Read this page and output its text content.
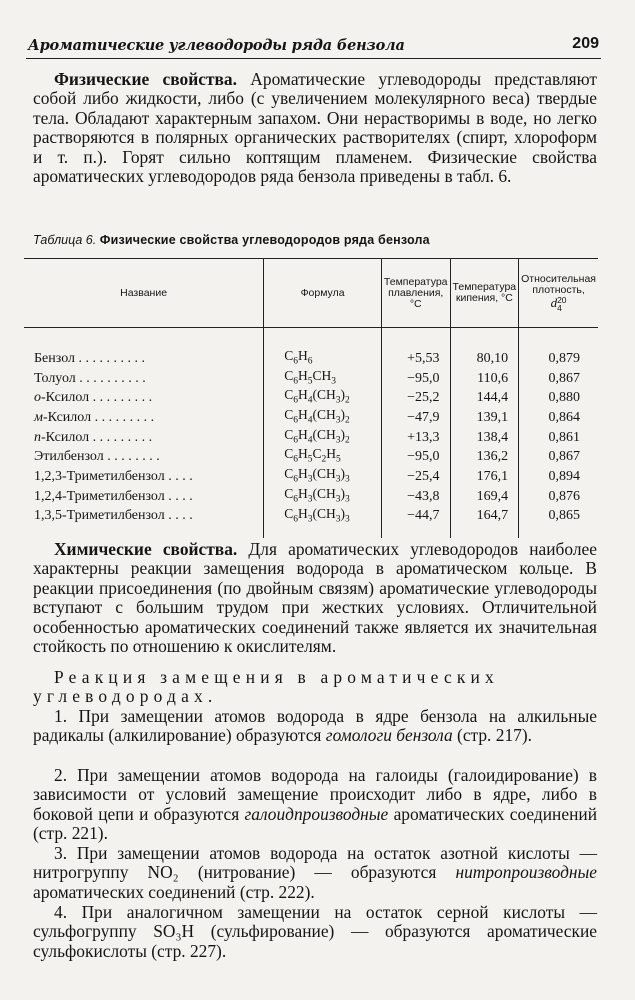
Ароматические углеводороды ряда бензола	209

Физические свойства. Ароматические углеводороды представляют собой либо жидкости, либо (с увеличением молекулярного веса) твердые тела. Обладают характерным запахом. Они нерастворимы в воде, но легко растворяются в полярных органических растворителях (спирт, хлороформ и т. п.). Горят сильно коптящим пламенем. Физические свойства ароматических углеводородов ряда бензола приведены в табл. 6.

Таблица 6. Физические свойства углеводородов ряда бензола
Название	Формула	Температура плавления, °С	Температура кипения, °С	Относительная плотность,
d20
4
Бензол . . . . . . . . . .	$C_6H_6$	+5,53	80,10	0,879
Толуол . . . . . . . . . .	$C_6H_5CH_3$	−95,0	110,6	0,867
о-Ксилол . . . . . . . . .	$C_6H_4(CH_3)_2$	−25,2	144,4	0,880
м-Ксилол . . . . . . . . .	$C_6H_4(CH_3)_2$	−47,9	139,1	0,864
п-Ксилол . . . . . . . . .	$C_6H_4(CH_3)_2$	+13,3	138,4	0,861
Этилбензол . . . . . . . .	$C_6H_5C_2H_5$	−95,0	136,2	0,867
1,2,3-Триметилбензол . . . .	$C_6H_3(CH_3)_3$	−25,4	176,1	0,894
1,2,4-Триметилбензол . . . .	$C_6H_3(CH_3)_3$	−43,8	169,4	0,876
1,3,5-Триметилбензол . . . .	$C_6H_3(CH_3)_3$	−44,7	164,7	0,865

Химические свойства. Для ароматических углеводородов наиболее характерны реакции замещения водорода в ароматическом кольце. В реакции присоединения (по двойным связям) ароматические углеводороды вступают с большим трудом при жестких условиях. Отличительной особенностью ароматических соединений также является их значительная стойкость по отношению к окислителям.

Реакция замещения в ароматических углеводородах.

1. При замещении атомов водорода в ядре бензола на алкильные радикалы (алкилирование) образуются гомологи бензола (стр. 217).

2. При замещении атомов водорода на галоиды (галоидирование) в зависимости от условий замещение происходит либо в ядре, либо в боковой цепи и образуются галоидпроизводные ароматических соединений (стр. 221).

3. При замещении атомов водорода на остаток азотной кислоты — нитрогруппу NO₂ (нитрование) — образуются нитропроизводные ароматических соединений (стр. 222).

4. При аналогичном замещении на остаток серной кислоты — сульфогруппу SO₃H (сульфирование) — образуются ароматические сульфокислоты (стр. 227).
